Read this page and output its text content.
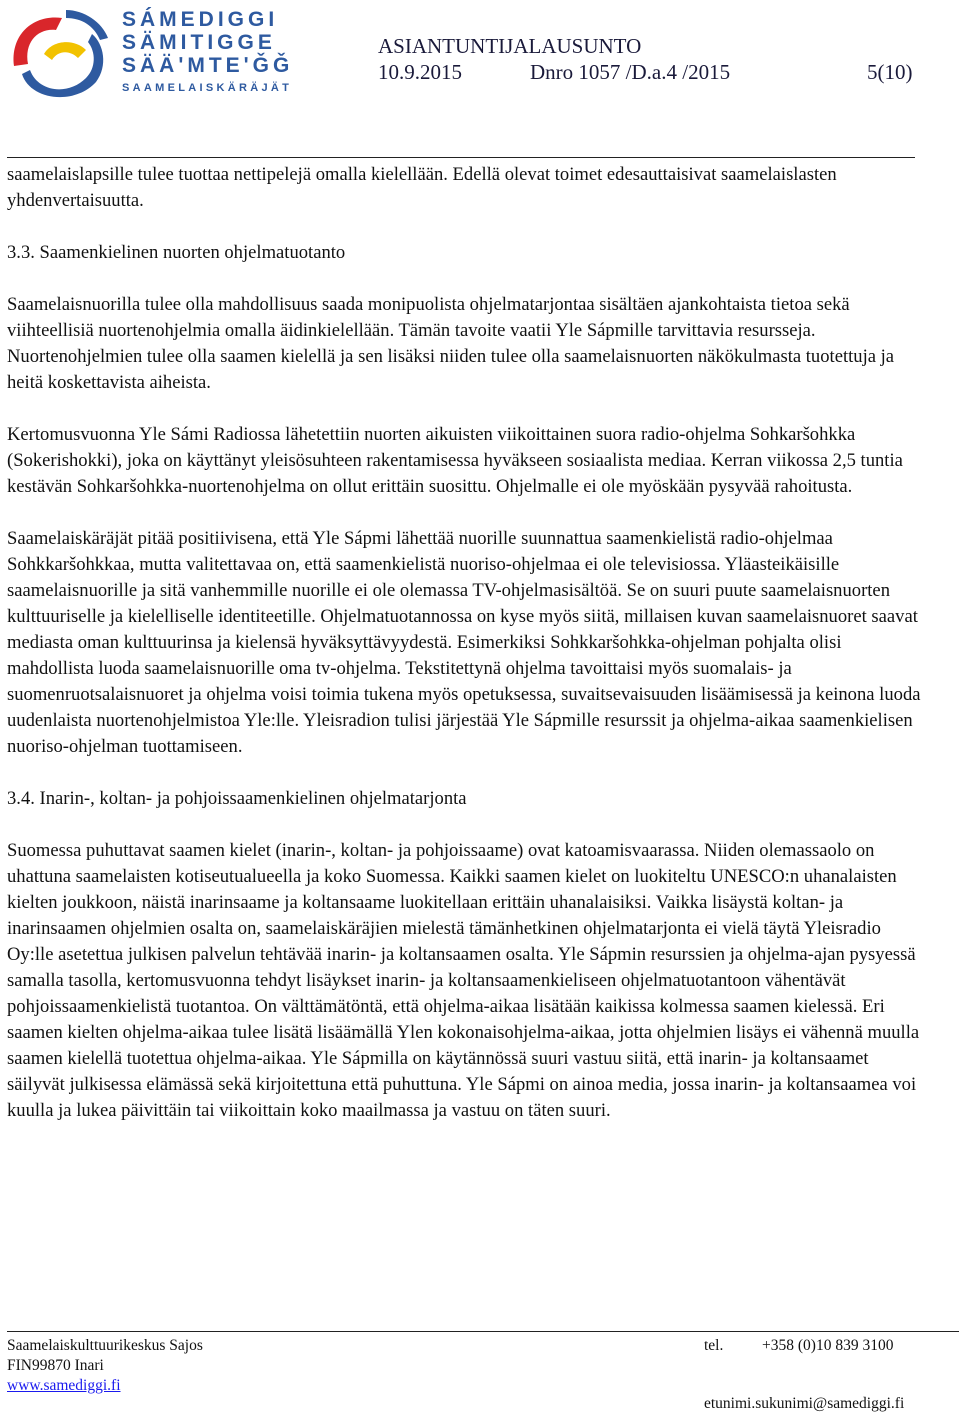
SÁMEDIGGI
SÄMITIGGE
SÄÄʹMTEʹǦǦ
SAAMELAISKÄRÄJÄT
ASIANTUNTIJALAUSUNTO
10.9.2015	Dnro 1057 /D.a.4 /2015	5(10)

saamelaislapsille tulee tuottaa nettipelejä omalla kielellään. Edellä olevat toimet edesauttaisivat saamelaislasten yhdenvertaisuutta.

3.3. Saamenkielinen nuorten ohjelmatuotanto

Saamelaisnuorilla tulee olla mahdollisuus saada monipuolista ohjelmatarjontaa sisältäen ajankohtaista tietoa sekä viihteellisiä nuortenohjelmia omalla äidinkielellään. Tämän tavoite vaatii Yle Sápmille tarvittavia resursseja. Nuortenohjelmien tulee olla saamen kielellä ja sen lisäksi niiden tulee olla saamelaisnuorten näkökulmasta tuotettuja ja heitä koskettavista aiheista.

Kertomusvuonna Yle Sámi Radiossa lähetettiin nuorten aikuisten viikoittainen suora radio-ohjelma Sohkaršohkka (Sokerishokki), joka on käyttänyt yleisösuhteen rakentamisessa hyväkseen sosiaalista mediaa. Kerran viikossa 2,5 tuntia kestävän Sohkaršohkka-nuortenohjelma on ollut erittäin suosittu. Ohjelmalle ei ole myöskään pysyvää rahoitusta.

Saamelaiskäräjät pitää positiivisena, että Yle Sápmi lähettää nuorille suunnattua saamenkielistä radio-ohjelmaa Sohkkaršohkkaa, mutta valitettavaa on, että saamenkielistä nuoriso-ohjelmaa ei ole televisiossa. Yläasteikäisille saamelaisnuorille ja sitä vanhemmille nuorille ei ole olemassa TV-ohjelmasisältöä. Se on suuri puute saamelaisnuorten kulttuuriselle ja kielelliselle identiteetille. Ohjelmatuotannossa on kyse myös siitä, millaisen kuvan saamelaisnuoret saavat mediasta oman kulttuurinsa ja kielensä hyväksyttävyydestä. Esimerkiksi Sohkkaršohkka-ohjelman pohjalta olisi mahdollista luoda saamelaisnuorille oma tv-ohjelma. Tekstitettynä ohjelma tavoittaisi myös suomalais- ja suomenruotsalaisnuoret ja ohjelma voisi toimia tukena myös opetuksessa, suvaitsevaisuuden lisäämisessä ja keinona luoda uudenlaista nuortenohjelmistoa Yle:lle. Yleisradion tulisi järjestää Yle Sápmille resurssit ja ohjelma-aikaa saamenkielisen nuoriso-ohjelman tuottamiseen.

3.4. Inarin-, koltan- ja pohjoissaamenkielinen ohjelmatarjonta

Suomessa puhuttavat saamen kielet (inarin-, koltan- ja pohjoissaame) ovat katoamisvaarassa. Niiden olemassaolo on uhattuna saamelaisten kotiseutualueella ja koko Suomessa. Kaikki saamen kielet on luokiteltu UNESCO:n uhanalaisten kielten joukkoon, näistä inarinsaame ja koltansaame luokitellaan erittäin uhanalaisiksi. Vaikka lisäystä koltan- ja inarinsaamen ohjelmien osalta on, saamelaiskäräjien mielestä tämänhetkinen ohjelmatarjonta ei vielä täytä Yleisradio Oy:lle asetettua julkisen palvelun tehtävää inarin- ja koltansaamen osalta. Yle Sápmin resurssien ja ohjelma-ajan pysyessä samalla tasolla, kertomusvuonna tehdyt lisäykset inarin- ja koltansaamenkieliseen ohjelmatuotantoon vähentävät pohjoissaamenkielistä tuotantoa. On välttämätöntä, että ohjelma-aikaa lisätään kaikissa kolmessa saamen kielessä. Eri saamen kielten ohjelma-aikaa tulee lisätä lisäämällä Ylen kokonaisohjelma-aikaa, jotta ohjelmien lisäys ei vähennä muulla saamen kielellä tuotettua ohjelma-aikaa. Yle Sápmilla on käytännössä suuri vastuu siitä, että inarin- ja koltansaamet säilyvät julkisessa elämässä sekä kirjoitettuna että puhuttuna. Yle Sápmi on ainoa media, jossa inarin- ja koltansaamea voi kuulla ja lukea päivittäin tai viikoittain koko maailmassa ja vastuu on täten suuri.

Saamelaiskulttuurikeskus Sajos
FIN99870 Inari
www.samediggi.fi
tel. +358 (0)10 839 3100
etunimi.sukunimi@samediggi.fi
